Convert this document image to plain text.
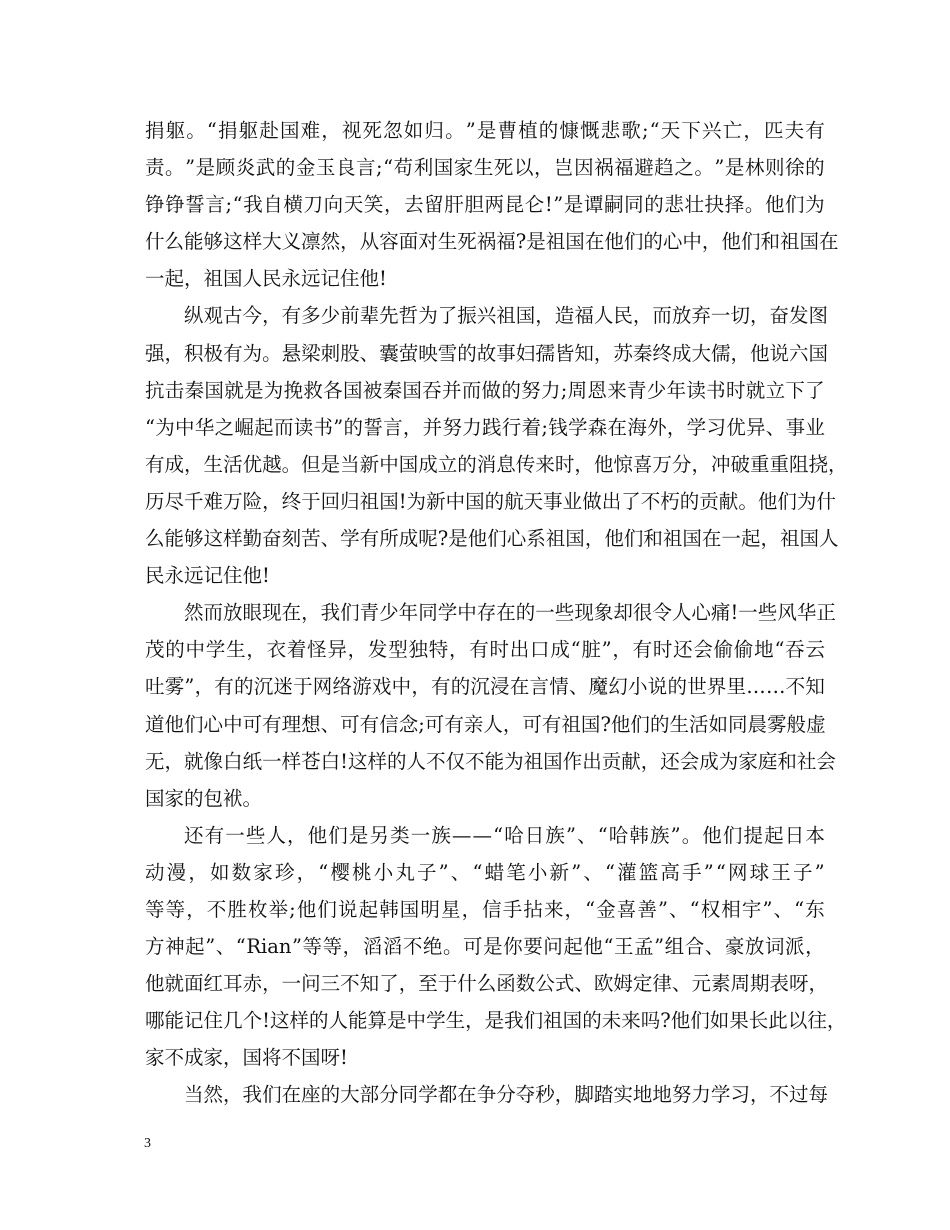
捐 躯 。 “ 捐 躯 赴 国 难 ， 视 死 忽 如 归 。 ” 是 曹 植 的 慷 慨 悲 歌 ; “ 天 下 兴 亡 ， 匹 夫 有
责 。 ” 是 顾 炎 武 的 金 玉 良 言 ; “ 苟 利 国 家 生 死 以 ， 岂 因 祸 福 避 趋 之 。 ” 是 林 则 徐 的
铮 铮 誓 言 ; “ 我 自 横 刀 向 天 笑 ， 去 留 肝 胆 两 昆 仑 ! ” 是 谭 嗣 同 的 悲 壮 抉 择 。 他 们 为
什 么 能 够 这 样 大 义 凛 然 ， 从 容 面 对 生 死 祸 福 ? 是 祖 国 在 他 们 的 心 中 ， 他 们 和 祖 国 在
一起，祖国人民永远记住他!
纵 观 古 今 ， 有 多 少 前 辈 先 哲 为 了 振 兴 祖 国 ， 造 福 人 民 ， 而 放 弃 一 切 ， 奋 发 图
强 ， 积 极 有 为 。 悬 梁 刺 股 、 囊 萤 映 雪 的 故 事 妇 孺 皆 知 ， 苏 秦 终 成 大 儒 ， 他 说 六 国
抗 击 秦 国 就 是 为 挽 救 各 国 被 秦 国 吞 并 而 做 的 努 力 ; 周 恩 来 青 少 年 读 书 时 就 立 下 了
“ 为 中 华 之 崛 起 而 读 书 ” 的 誓 言 ， 并 努 力 践 行 着 ; 钱 学 森 在 海 外 ， 学 习 优 异 、 事 业
有 成 ， 生 活 优 越 。 但 是 当 新 中 国 成 立 的 消 息 传 来 时 ， 他 惊 喜 万 分 ， 冲 破 重 重 阻 挠 ，
历 尽 千 难 万 险 ， 终 于 回 归 祖 国 ! 为 新 中 国 的 航 天 事 业 做 出 了 不 朽 的 贡 献 。 他 们 为 什
么 能 够 这 样 勤 奋 刻 苦 、 学 有 所 成 呢 ? 是 他 们 心 系 祖 国 ， 他 们 和 祖 国 在 一 起 ， 祖 国 人
民永远记住他!
然 而 放 眼 现 在 ， 我 们 青 少 年 同 学 中 存 在 的 一 些 现 象 却 很 令 人 心 痛 ! 一 些 风 华 正
茂 的 中 学 生 ， 衣 着 怪 异 ， 发 型 独 特 ， 有 时 出 口 成 “ 脏 ” ， 有 时 还 会 偷 偷 地 “ 吞 云
吐 雾 ” ， 有 的 沉 迷 于 网 络 游 戏 中 ， 有 的 沉 浸 在 言 情 、 魔 幻 小 说 的 世 界 里 … … 不 知
道 他 们 心 中 可 有 理 想 、 可 有 信 念 ; 可 有 亲 人 ， 可 有 祖 国 ? 他 们 的 生 活 如 同 晨 雾 般 虚
无 ， 就 像 白 纸 一 样 苍 白 ! 这 样 的 人 不 仅 不 能 为 祖 国 作 出 贡 献 ， 还 会 成 为 家 庭 和 社 会
国家的包袱。
还 有 一 些 人 ， 他 们 是 另 类 一 族 — — “ 哈 日 族 ” 、 “ 哈 韩 族 ” 。 他 们 提 起 日 本
动 漫 ， 如 数 家 珍 ， “ 樱 桃 小 丸 子 ” 、 “ 蜡 笔 小 新 ” 、 “ 灌 篮 高 手 ” “ 网 球 王 子 ”
等 等 ， 不 胜 枚 举 ; 他 们 说 起 韩 国 明 星 ， 信 手 拈 来 ， “ 金 喜 善 ” 、 “ 权 相 宇 ” 、 “ 东
方 神 起 ” 、 “ Rian ” 等 等 ， 滔 滔 不 绝 。 可 是 你 要 问 起 他 “ 王 孟 ” 组 合 、 豪 放 词 派 ，
他 就 面 红 耳 赤 ， 一 问 三 不 知 了 ， 至 于 什 么 函 数 公 式 、 欧 姆 定 律 、 元 素 周 期 表 呀 ，
哪 能 记 住 几 个 ! 这 样 的 人 能 算 是 中 学 生 ， 是 我 们 祖 国 的 未 来 吗 ? 他 们 如 果 长 此 以 往 ，
家不成家，国将不国呀!
当 然 ， 我 们 在 座 的 大 部 分 同 学 都 在 争 分 夺 秒 ， 脚 踏 实 地 地 努 力 学 习 ， 不 过 每
3
